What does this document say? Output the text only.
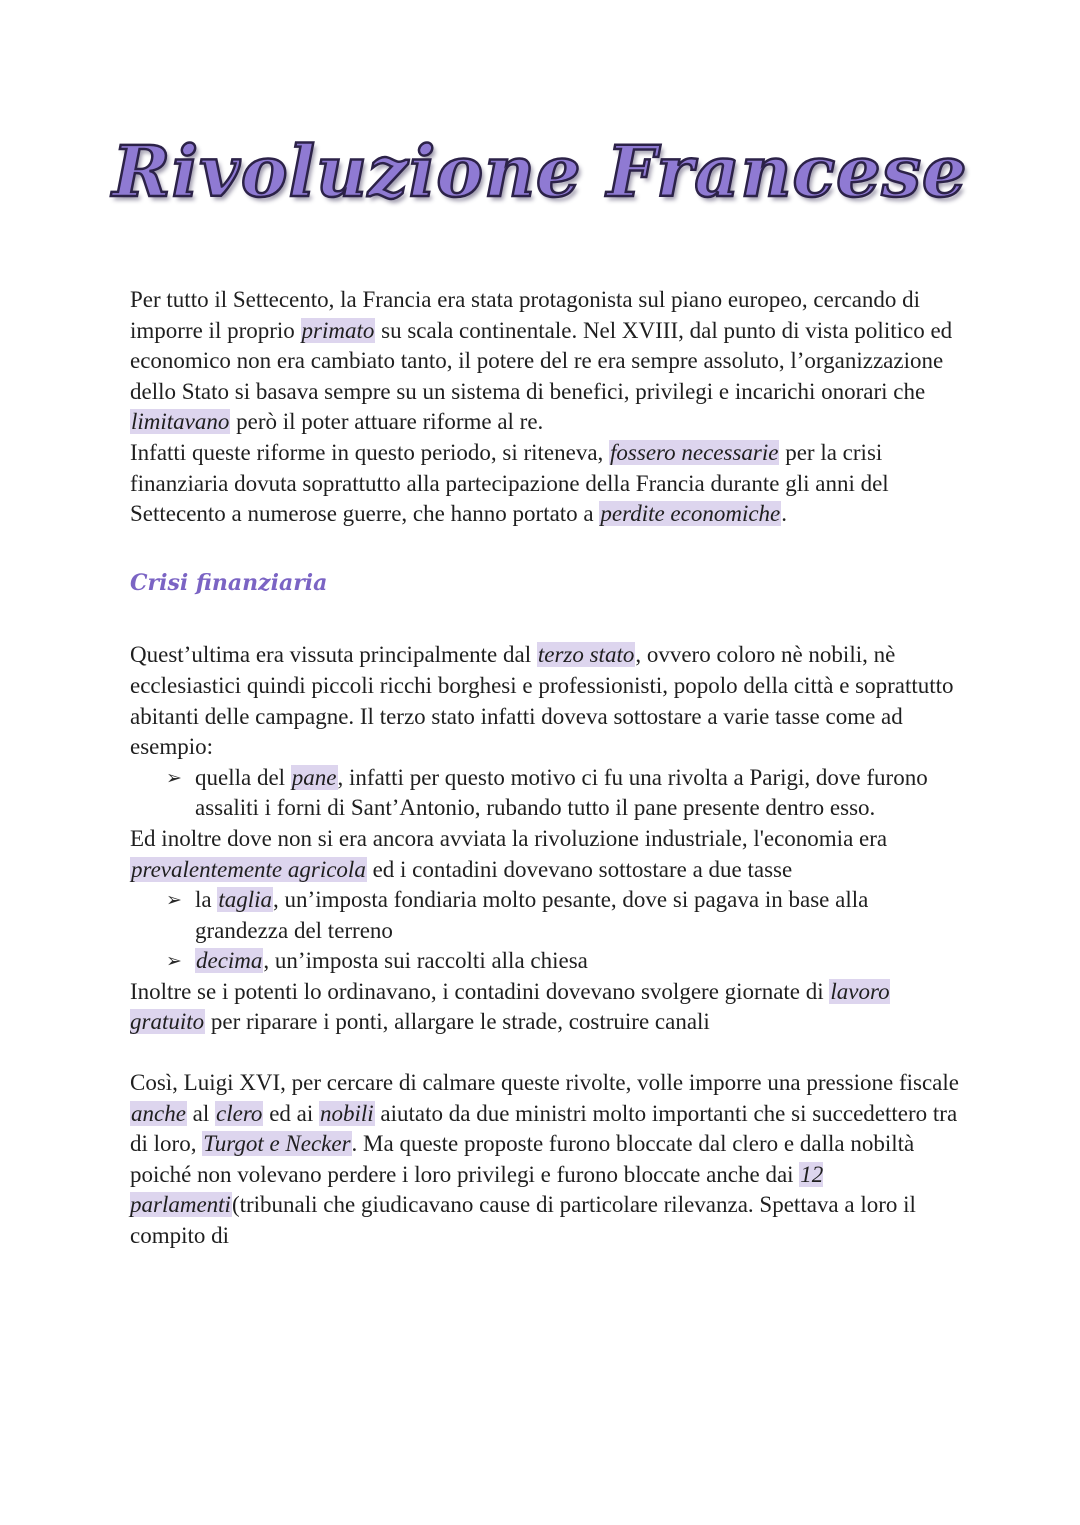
Rivoluzione Francese

Per tutto il Settecento, la Francia era stata protagonista sul piano europeo, cercando di imporre il proprio primato su scala continentale. Nel XVIII, dal punto di vista politico ed economico non era cambiato tanto, il potere del re era sempre assoluto, l’organizzazione dello Stato si basava sempre su un sistema di benefici, privilegi e incarichi onorari che limitavano però il poter attuare riforme al re.

Infatti queste riforme in questo periodo, si riteneva, fossero necessarie per la crisi finanziaria dovuta soprattutto alla partecipazione della Francia durante gli anni del Settecento a numerose guerre, che hanno portato a perdite economiche.

Crisi finanziaria

Quest’ultima era vissuta principalmente dal terzo stato, ovvero coloro nè nobili, nè ecclesiastici quindi piccoli ricchi borghesi e professionisti, popolo della città e soprattutto abitanti delle campagne. Il terzo stato infatti doveva sottostare a varie tasse come ad esempio:

➢ quella del pane, infatti per questo motivo ci fu una rivolta a Parigi, dove furono assaliti i forni di Sant’Antonio, rubando tutto il pane presente dentro esso.

Ed inoltre dove non si era ancora avviata la rivoluzione industriale, l'economia era prevalentemente agricola ed i contadini dovevano sottostare a due tasse

➢ la taglia, un’imposta fondiaria molto pesante, dove si pagava in base alla grandezza del terreno
➢ decima, un’imposta sui raccolti alla chiesa

Inoltre se i potenti lo ordinavano, i contadini dovevano svolgere giornate di lavoro gratuito per riparare i ponti, allargare le strade, costruire canali

Così, Luigi XVI, per cercare di calmare queste rivolte, volle imporre una pressione fiscale anche al clero ed ai nobili aiutato da due ministri molto importanti che si succedettero tra di loro, Turgot e Necker. Ma queste proposte furono bloccate dal clero e dalla nobiltà poiché non volevano perdere i loro privilegi e furono bloccate anche dai 12 parlamenti(tribunali che giudicavano cause di particolare rilevanza. Spettava a loro il compito di
